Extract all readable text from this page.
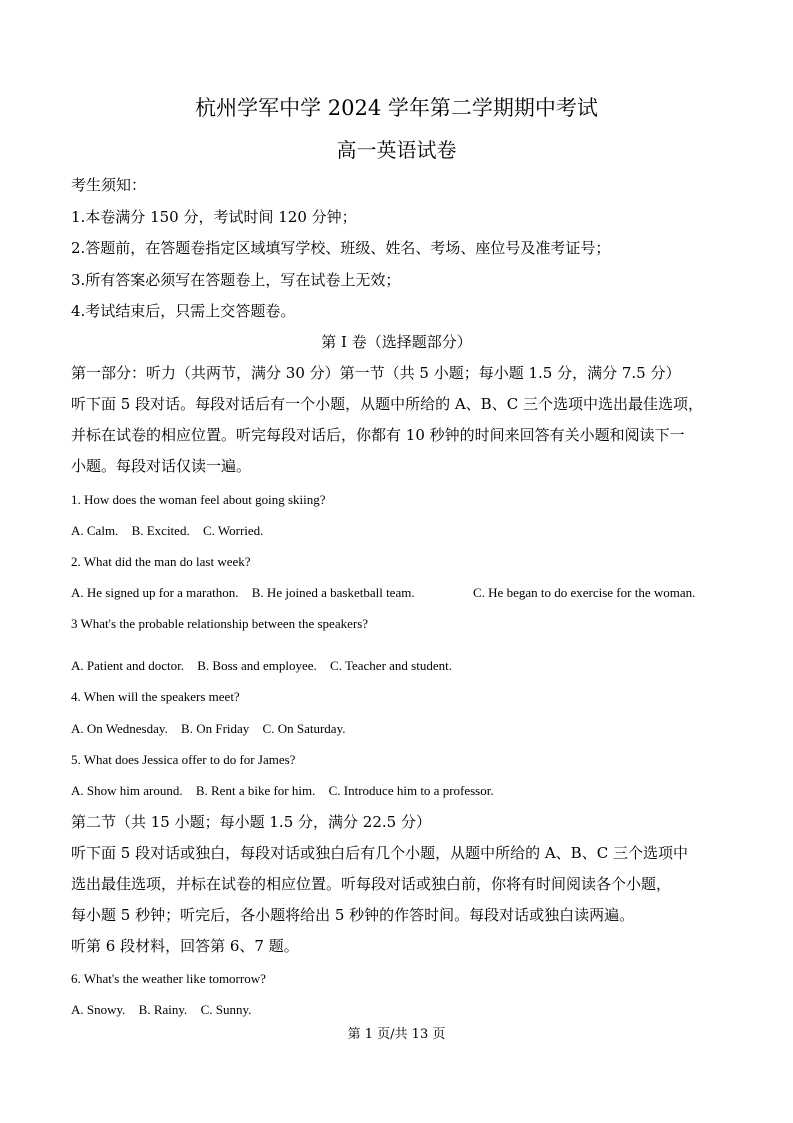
杭州学军中学 2024 学年第二学期期中考试
高一英语试卷
考生须知：
1.本卷满分 150 分，考试时间 120 分钟；
2.答题前，在答题卷指定区域填写学校、班级、姓名、考场、座位号及准考证号；
3.所有答案必须写在答题卷上，写在试卷上无效；
4.考试结束后，只需上交答题卷。
第 I 卷（选择题部分）
第一部分：听力（共两节，满分 30 分）第一节（共 5 小题；每小题 1.5 分，满分 7.5 分）
听下面 5 段对话。每段对话后有一个小题，从题中所给的 A、B、C 三个选项中选出最佳选项，
并标在试卷的相应位置。听完每段对话后，你都有 10 秒钟的时间来回答有关小题和阅读下一
小题。每段对话仅读一遍。
1. How does the woman feel about going skiing?
A. Calm. B. Excited. C. Worried.
2. What did the man do last week?
A. He signed up for a marathon. B. He joined a basketball team.	C. He began to do exercise for the woman.
3 What's the probable relationship between the speakers?
A. Patient and doctor. B. Boss and employee. C. Teacher and student.
4. When will the speakers meet?
A. On Wednesday. B. On Friday C. On Saturday.
5. What does Jessica offer to do for James?
A. Show him around. B. Rent a bike for him. C. Introduce him to a professor.
第二节（共 15 小题；每小题 1.5 分，满分 22.5 分）
听下面 5 段对话或独白，每段对话或独白后有几个小题，从题中所给的 A、B、C 三个选项中
选出最佳选项，并标在试卷的相应位置。听每段对话或独白前，你将有时间阅读各个小题，
每小题 5 秒钟；听完后，各小题将给出 5 秒钟的作答时间。每段对话或独白读两遍。
听第 6 段材料，回答第 6、7 题。
6. What's the weather like tomorrow?
A. Snowy. B. Rainy. C. Sunny.
第 1 页/共 13 页
